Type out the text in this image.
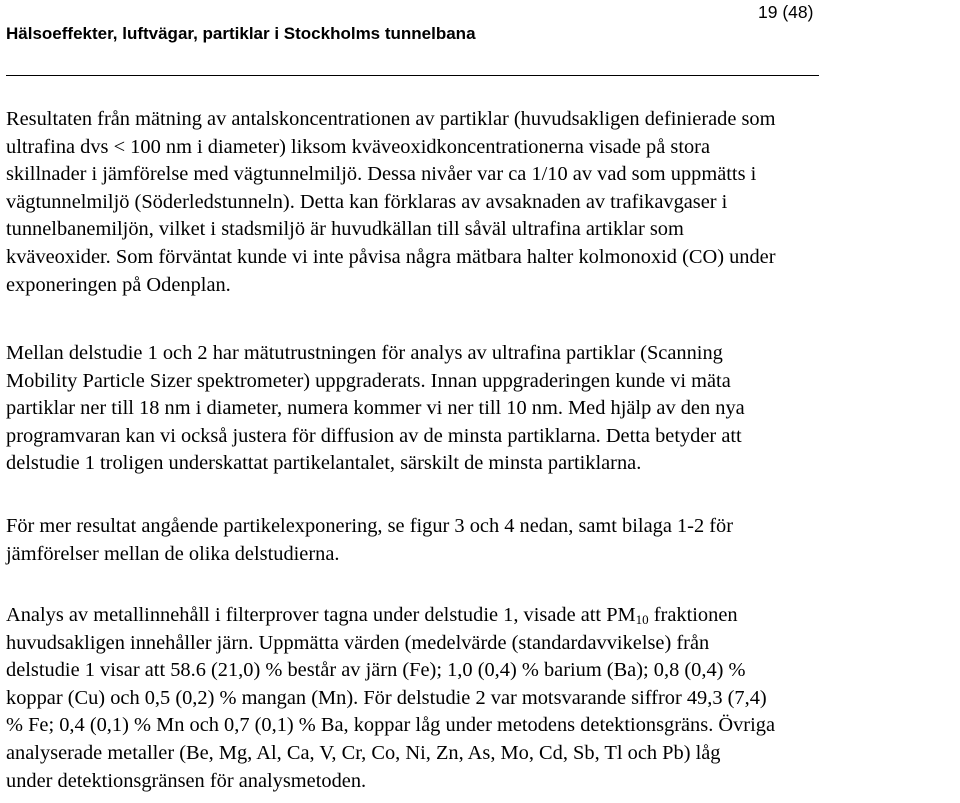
19 (48)
Hälsoeffekter, luftvägar, partiklar i Stockholms tunnelbana
Resultaten från mätning av antalskoncentrationen av partiklar (huvudsakligen definierade som
ultrafina dvs < 100 nm i diameter) liksom kväveoxidkoncentrationerna visade på stora
skillnader i jämförelse med vägtunnelmiljö. Dessa nivåer var ca 1/10 av vad som uppmätts i
vägtunnelmiljö (Söderledstunneln). Detta kan förklaras av avsaknaden av trafikavgaser i
tunnelbanemiljön, vilket i stadsmiljö är huvudkällan till såväl ultrafina artiklar som
kväveoxider. Som förväntat kunde vi inte påvisa några mätbara halter kolmonoxid (CO) under
exponeringen på Odenplan.
Mellan delstudie 1 och 2 har mätutrustningen för analys av ultrafina partiklar (Scanning
Mobility Particle Sizer spektrometer) uppgraderats. Innan uppgraderingen kunde vi mäta
partiklar ner till 18 nm i diameter, numera kommer vi ner till 10 nm. Med hjälp av den nya
programvaran kan vi också justera för diffusion av de minsta partiklarna. Detta betyder att
delstudie 1 troligen underskattat partikelantalet, särskilt de minsta partiklarna.
För mer resultat angående partikelexponering, se figur 3 och 4 nedan, samt bilaga 1-2 för
jämförelser mellan de olika delstudierna.
Analys av metallinnehåll i filterprover tagna under delstudie 1, visade att $PM_{10}$ fraktionen
huvudsakligen innehåller järn. Uppmätta värden (medelvärde (standardavvikelse) från
delstudie 1 visar att 58.6 (21,0) % består av järn (Fe); 1,0 (0,4) % barium (Ba); 0,8 (0,4) %
koppar (Cu) och 0,5 (0,2) % mangan (Mn). För delstudie 2 var motsvarande siffror 49,3 (7,4)
% Fe; 0,4 (0,1) % Mn och 0,7 (0,1) % Ba, koppar låg under metodens detektionsgräns. Övriga
analyserade metaller (Be, Mg, Al, Ca, V, Cr, Co, Ni, Zn, As, Mo, Cd, Sb, Tl och Pb) låg
under detektionsgränsen för analysmetoden.
